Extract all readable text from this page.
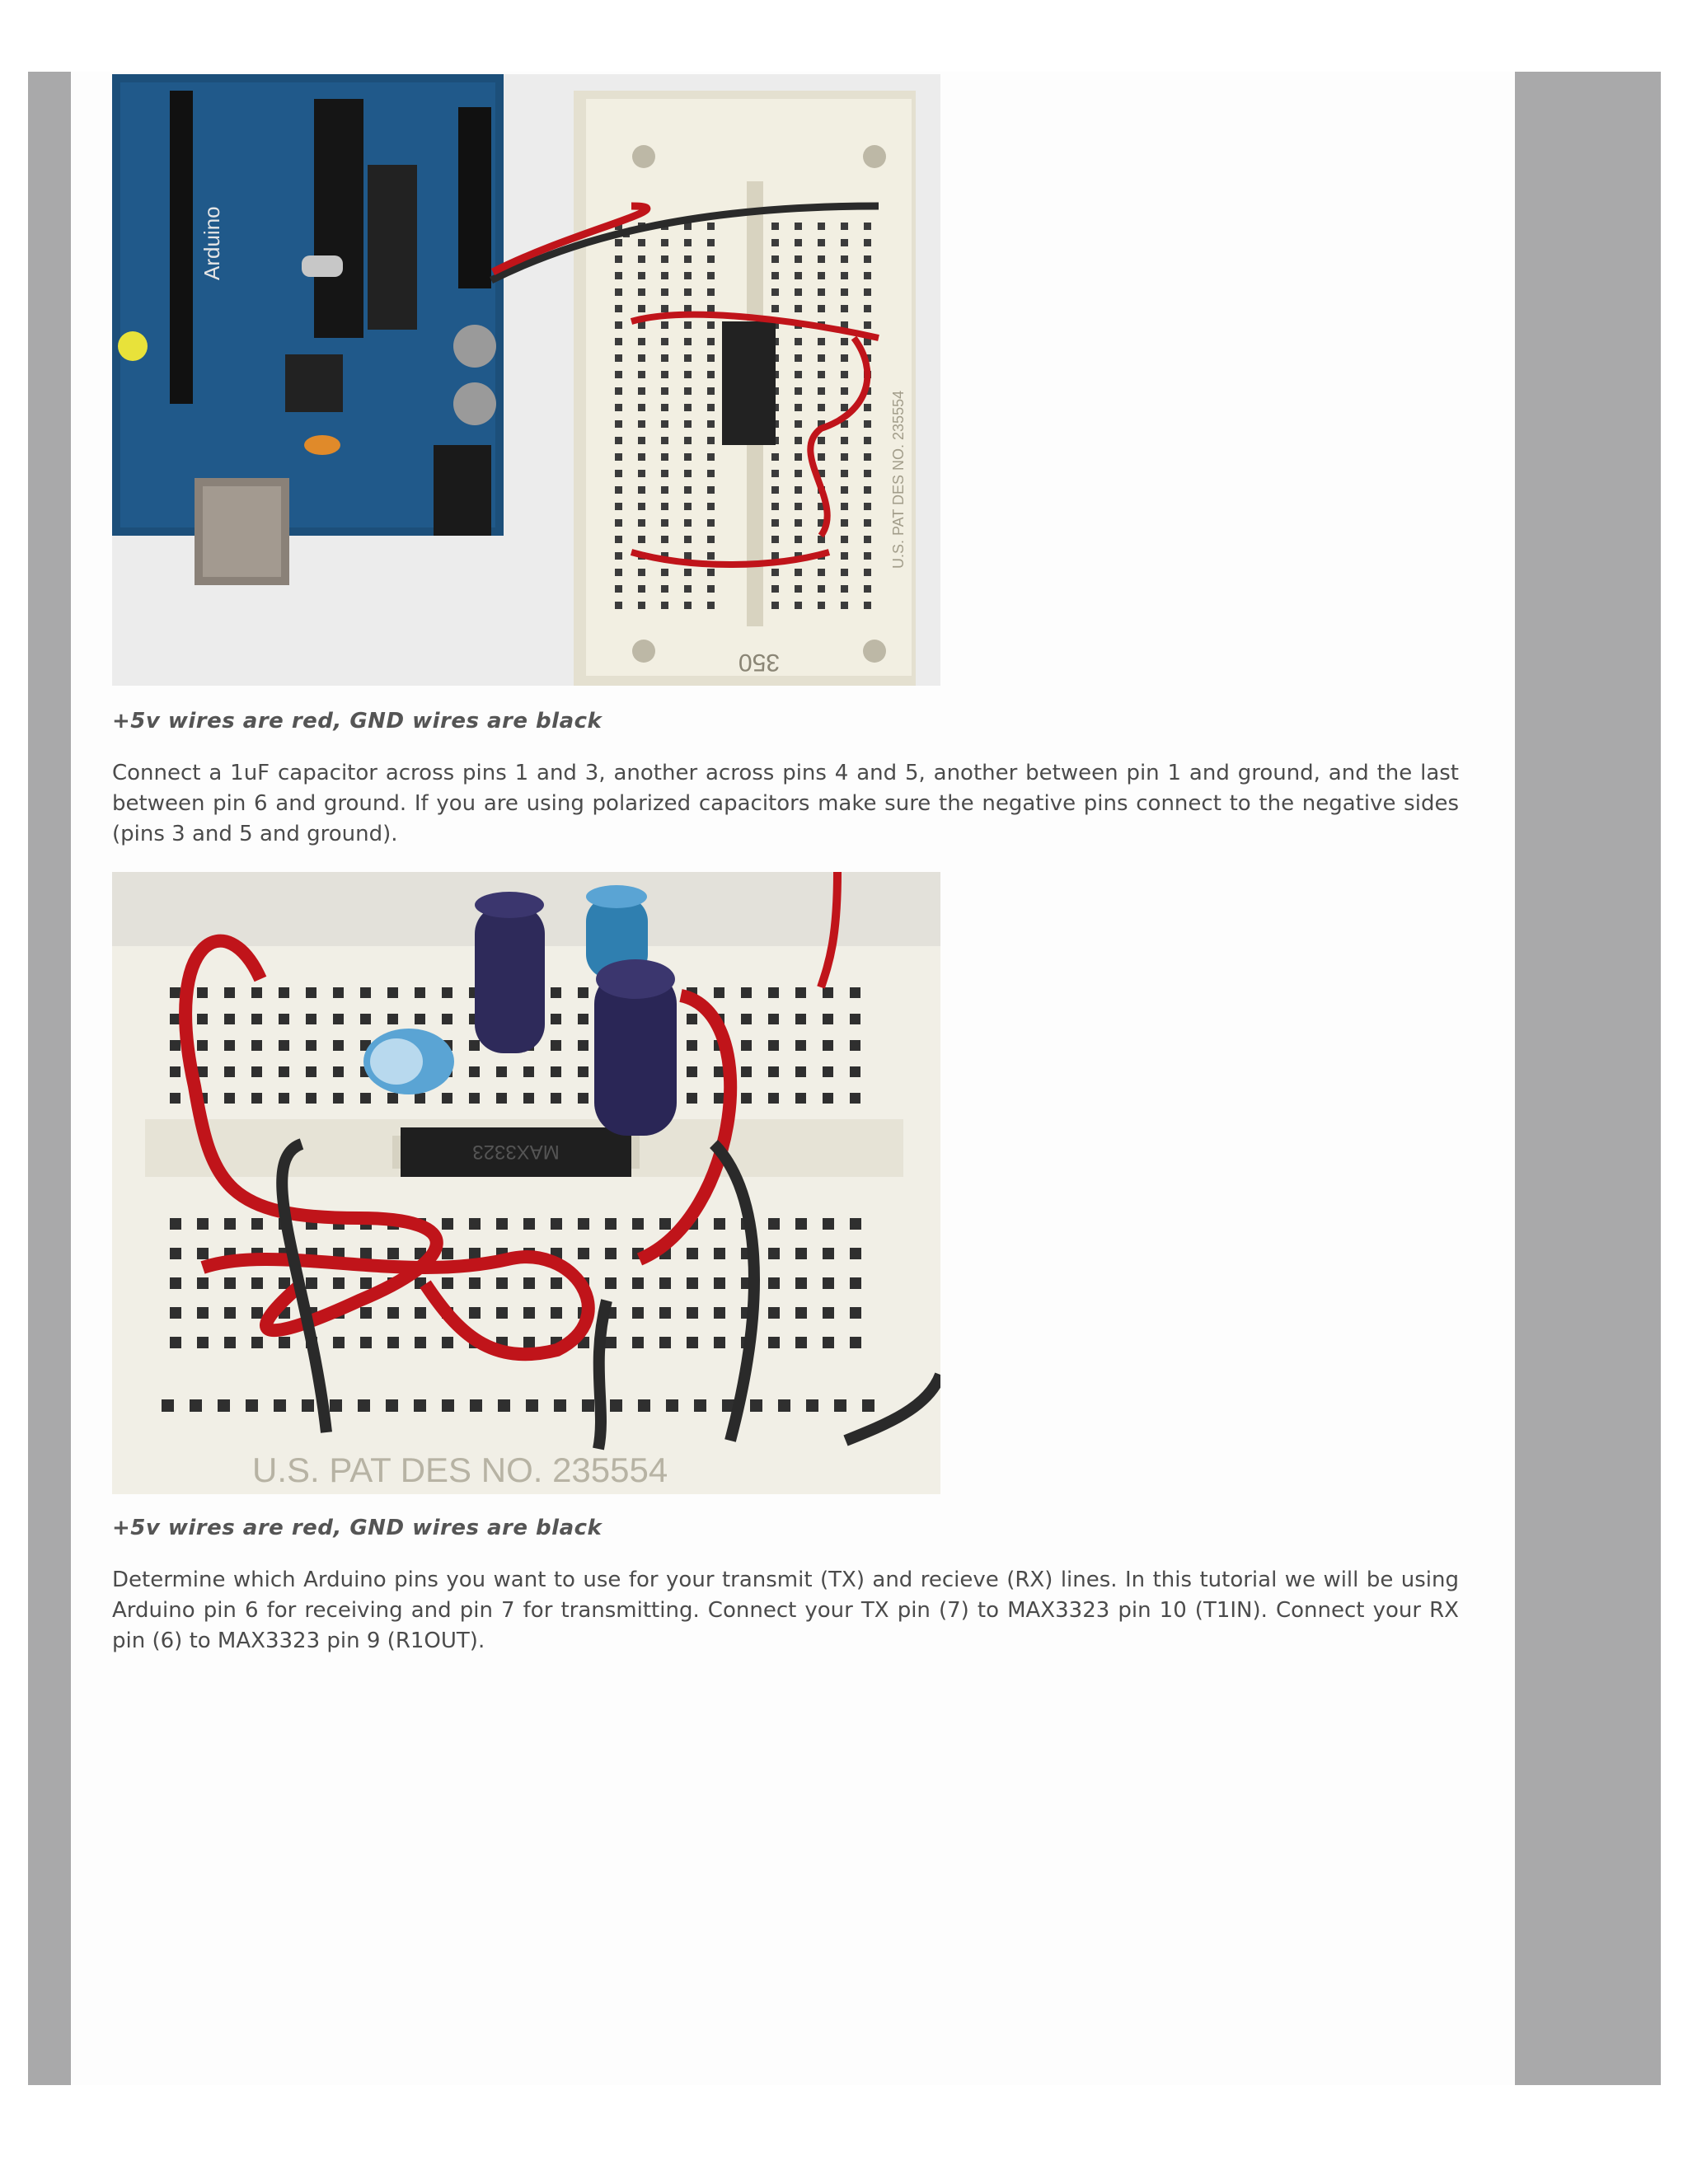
Arduino
350
U.S. PAT DES NO. 235554
+5v wires are red, GND wires are black

Connect a 1uF capacitor across pins 1 and 3, another across pins 4 and 5, another between pin 1 and ground, and the last between pin 6 and ground. If you are using polarized capacitors make sure the negative pins connect to the negative sides (pins 3 and 5 and ground).

MAX3323
U.S. PAT DES NO. 235554
+5v wires are red, GND wires are black

Determine which Arduino pins you want to use for your transmit (TX) and recieve (RX) lines. In this tutorial we will be using Arduino pin 6 for receiving and pin 7 for transmitting. Connect your TX pin (7) to MAX3323 pin 10 (T1IN). Connect your RX pin (6) to MAX3323 pin 9 (R1OUT).
